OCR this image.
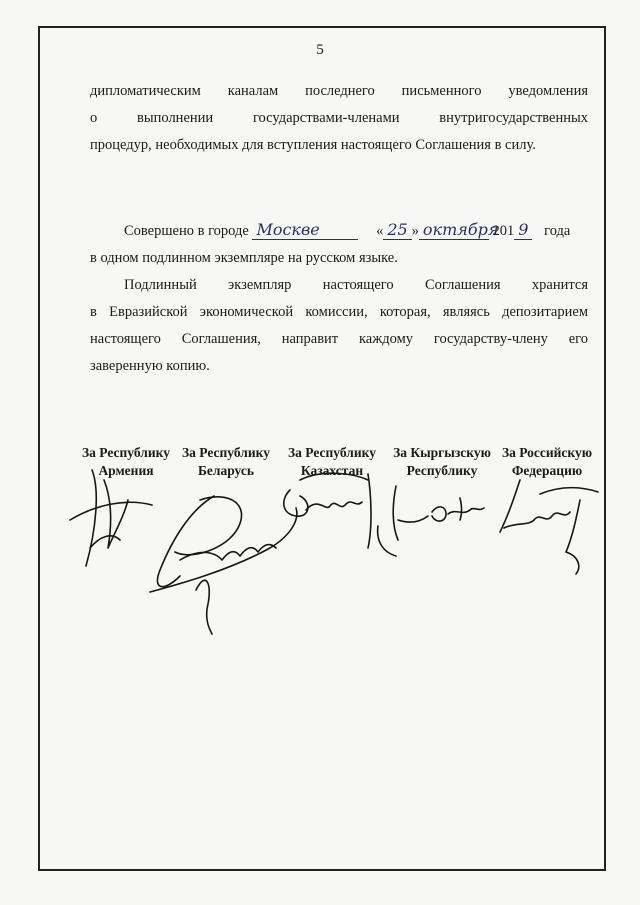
5
дипломатическим каналам последнего письменного уведомления
о выполнении государствами-членами внутригосударственных
процедур, необходимых для вступления настоящего Соглашения в силу.
Совершено в городе Москве	« 25 » октября 201 9 года
в одном подлинном экземпляре на русском языке.
Подлинный экземпляр настоящего Соглашения хранится
в Евразийской экономической комиссии, которая, являясь депозитарием
настоящего Соглашения, направит каждому государству-члену его
заверенную копию.
За Республику
Армения
За Республику
Беларусь
За Республику
Казахстан
За Кыргызскую
Республику
За Российскую
Федерацию
